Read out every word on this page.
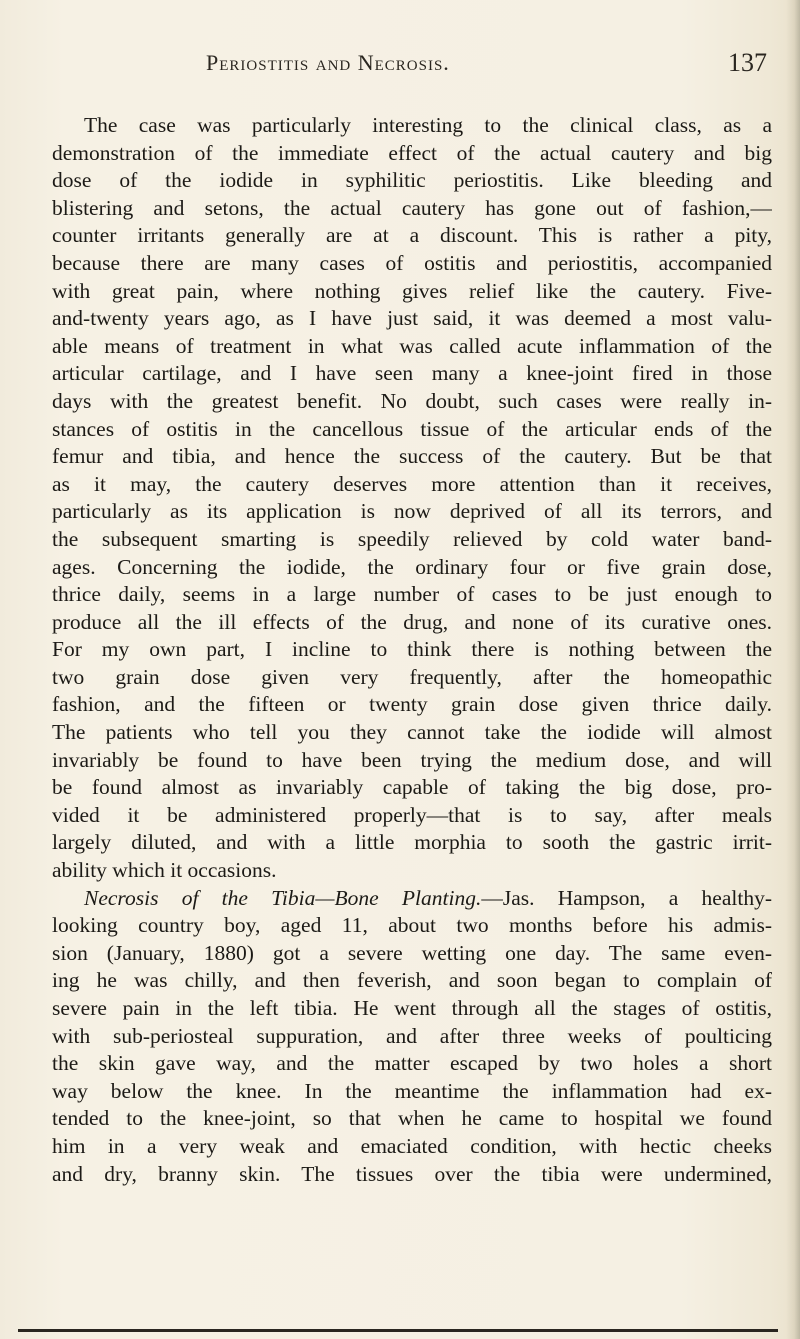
Periostitis and Necrosis.	137
The case was particularly interesting to the clinical class, as a
demonstration of the immediate effect of the actual cautery and big
dose of the iodide in syphilitic periostitis. Like bleeding and
blistering and setons, the actual cautery has gone out of fashion,—
counter irritants generally are at a discount. This is rather a pity,
because there are many cases of ostitis and periostitis, accompanied
with great pain, where nothing gives relief like the cautery. Five-
and-twenty years ago, as I have just said, it was deemed a most valu-
able means of treatment in what was called acute inflammation of the
articular cartilage, and I have seen many a knee-joint fired in those
days with the greatest benefit. No doubt, such cases were really in-
stances of ostitis in the cancellous tissue of the articular ends of the
femur and tibia, and hence the success of the cautery. But be that
as it may, the cautery deserves more attention than it receives,
particularly as its application is now deprived of all its terrors, and
the subsequent smarting is speedily relieved by cold water band-
ages. Concerning the iodide, the ordinary four or five grain dose,
thrice daily, seems in a large number of cases to be just enough to
produce all the ill effects of the drug, and none of its curative ones.
For my own part, I incline to think there is nothing between the
two grain dose given very frequently, after the homeopathic
fashion, and the fifteen or twenty grain dose given thrice daily.
The patients who tell you they cannot take the iodide will almost
invariably be found to have been trying the medium dose, and will
be found almost as invariably capable of taking the big dose, pro-
vided it be administered properly—that is to say, after meals
largely diluted, and with a little morphia to sooth the gastric irrit-
ability which it occasions.
Necrosis of the Tibia—Bone Planting.—Jas. Hampson, a healthy-
looking country boy, aged 11, about two months before his admis-
sion (January, 1880) got a severe wetting one day. The same even-
ing he was chilly, and then feverish, and soon began to complain of
severe pain in the left tibia. He went through all the stages of ostitis,
with sub-periosteal suppuration, and after three weeks of poulticing
the skin gave way, and the matter escaped by two holes a short
way below the knee. In the meantime the inflammation had ex-
tended to the knee-joint, so that when he came to hospital we found
him in a very weak and emaciated condition, with hectic cheeks
and dry, branny skin. The tissues over the tibia were undermined,
